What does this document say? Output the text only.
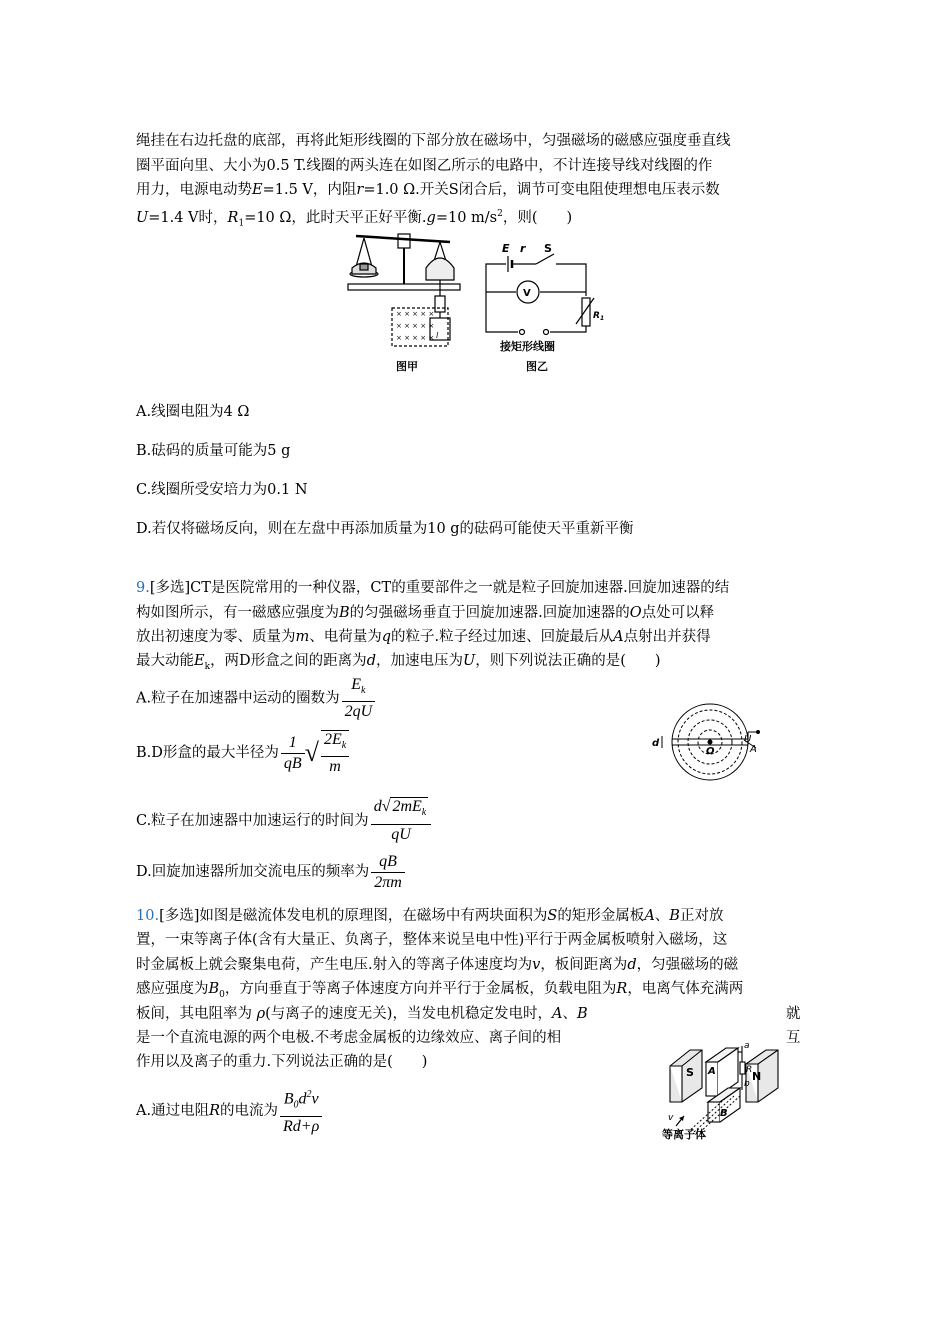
绳挂在右边托盘的底部，再将此矩形线圈的下部分放在磁场中，匀强磁场的磁感应强度垂直线
圈平面向里、大小为0.5 T.线圈的两头连在如图乙所示的电路中，不计连接导线对线圈的作
用力，电源电动势E=1.5 V，内阻r=1.0 Ω.开关S闭合后，调节可变电阻使理想电压表示数
U=1.4 V时，$R_1=10$ Ω，此时天平正好平衡.g=10 $m/s^2$，则(　　)
× × × × ×
× × × × ×
× × × × × l
图甲
E r S
V
$R_1$
接矩形线圈
图乙
A.线圈电阻为4 Ω
B.砝码的质量可能为5 g
C.线圈所受安培力为0.1 N
D.若仅将磁场反向，则在左盘中再添加质量为10 g的砝码可能使天平重新平衡
9.[多选]CT是医院常用的一种仪器，CT的重要部件之一就是粒子回旋加速器.回旋加速器的结
构如图所示，有一磁感应强度为B的匀强磁场垂直于回旋加速器.回旋加速器的O点处可以释
放出初速度为零、质量为m、电荷量为q的粒子.粒子经过加速、回旋最后从A点射出并获得
最大动能$E_k$，两D形盒之间的距离为d，加速电压为U，则下列说法正确的是(　　)
A.粒子在加速器中运动的圈数为 $\frac{E_k}{2qU}$
B.D形盒的最大半径为 $\frac{1}{qB}$ √ $\frac{2E_k}{m}$
C.粒子在加速器中加速运行的时间为 $\frac{d√ 2mE_k}{qU}$
D.回旋加速器所加交流电压的频率为 $\frac{qB}{2\pi m}$
d
O
U
A
10.[多选]如图是磁流体发电机的原理图，在磁场中有两块面积为S的矩形金属板A、B正对放
置，一束等离子体(含有大量正、负离子，整体来说呈电中性)平行于两金属板喷射入磁场，这
时金属板上就会聚集电荷，产生电压.射入的等离子体速度均为v，板间距离为d，匀强磁场的磁
感应强度为$B_0$，方向垂直于等离子体速度方向并平行于金属板，负载电阻为R，电离气体充满两
板间，其电阻率为 ρ(与离子的速度无关)，当发电机稳定发电时，A、B	就
是一个直流电源的两个电极.不考虑金属板的边缘效应、离子间的相	互
作用以及离子的重力.下列说法正确的是(　　)
A.通过电阻R的电流为 $\frac{B_0d^2v}{Rd+\rho}$
S	N
A
B
a
R
b
v
等离子体
